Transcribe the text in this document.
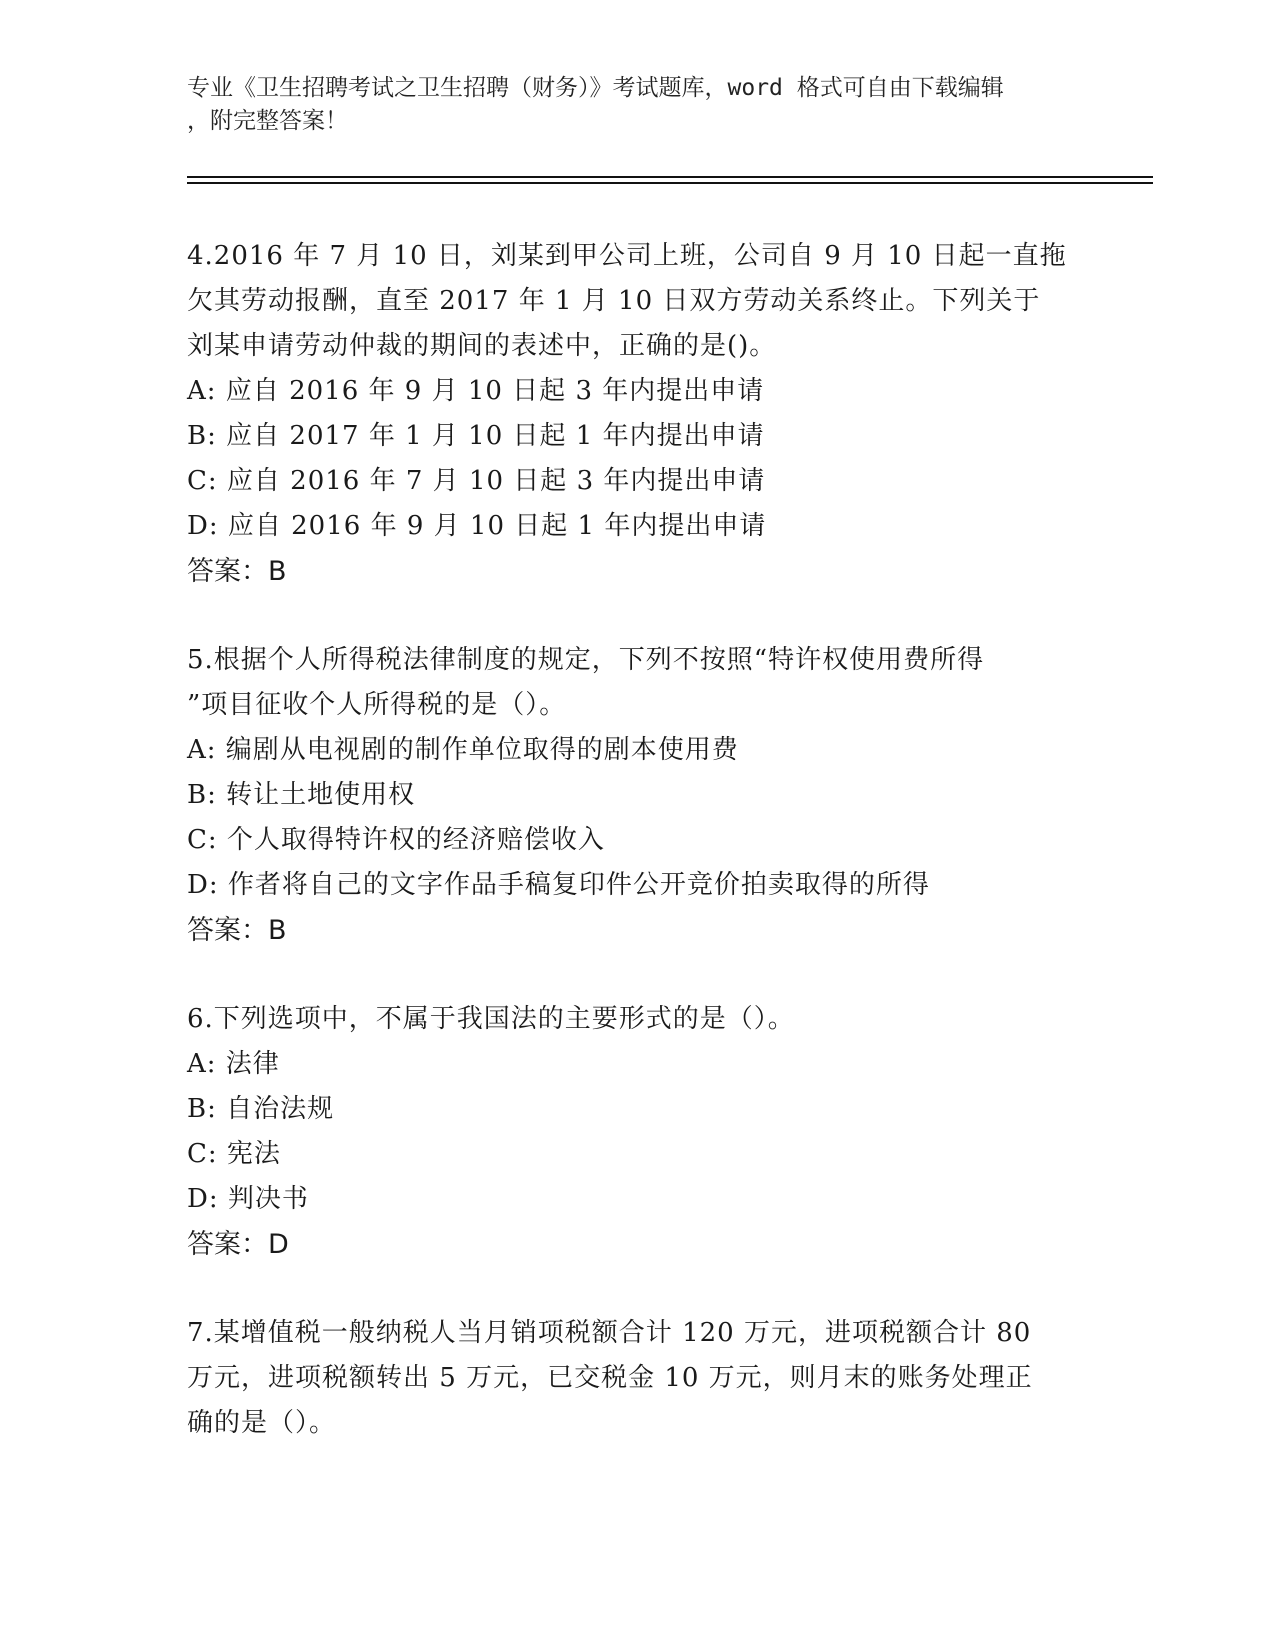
专业《卫生招聘考试之卫生招聘（财务）》考试题库，word 格式可自由下载编辑
，附完整答案！
4.2016 年 7 月 10 日，刘某到甲公司上班，公司自 9 月 10 日起一直拖
欠其劳动报酬，直至 2017 年 1 月 10 日双方劳动关系终止。下列关于
刘某申请劳动仲裁的期间的表述中，正确的是()。
A: 应自 2016 年 9 月 10 日起 3 年内提出申请
B: 应自 2017 年 1 月 10 日起 1 年内提出申请
C: 应自 2016 年 7 月 10 日起 3 年内提出申请
D: 应自 2016 年 9 月 10 日起 1 年内提出申请
答案：B
5.根据个人所得税法律制度的规定，下列不按照“特许权使用费所得
”项目征收个人所得税的是（）。
A: 编剧从电视剧的制作单位取得的剧本使用费
B: 转让土地使用权
C: 个人取得特许权的经济赔偿收入
D: 作者将自己的文字作品手稿复印件公开竞价拍卖取得的所得
答案：B
6.下列选项中，不属于我国法的主要形式的是（）。
A: 法律
B: 自治法规
C: 宪法
D: 判决书
答案：D
7.某增值税一般纳税人当月销项税额合计 120 万元，进项税额合计 80
万元，进项税额转出 5 万元，已交税金 10 万元，则月末的账务处理正
确的是（）。
